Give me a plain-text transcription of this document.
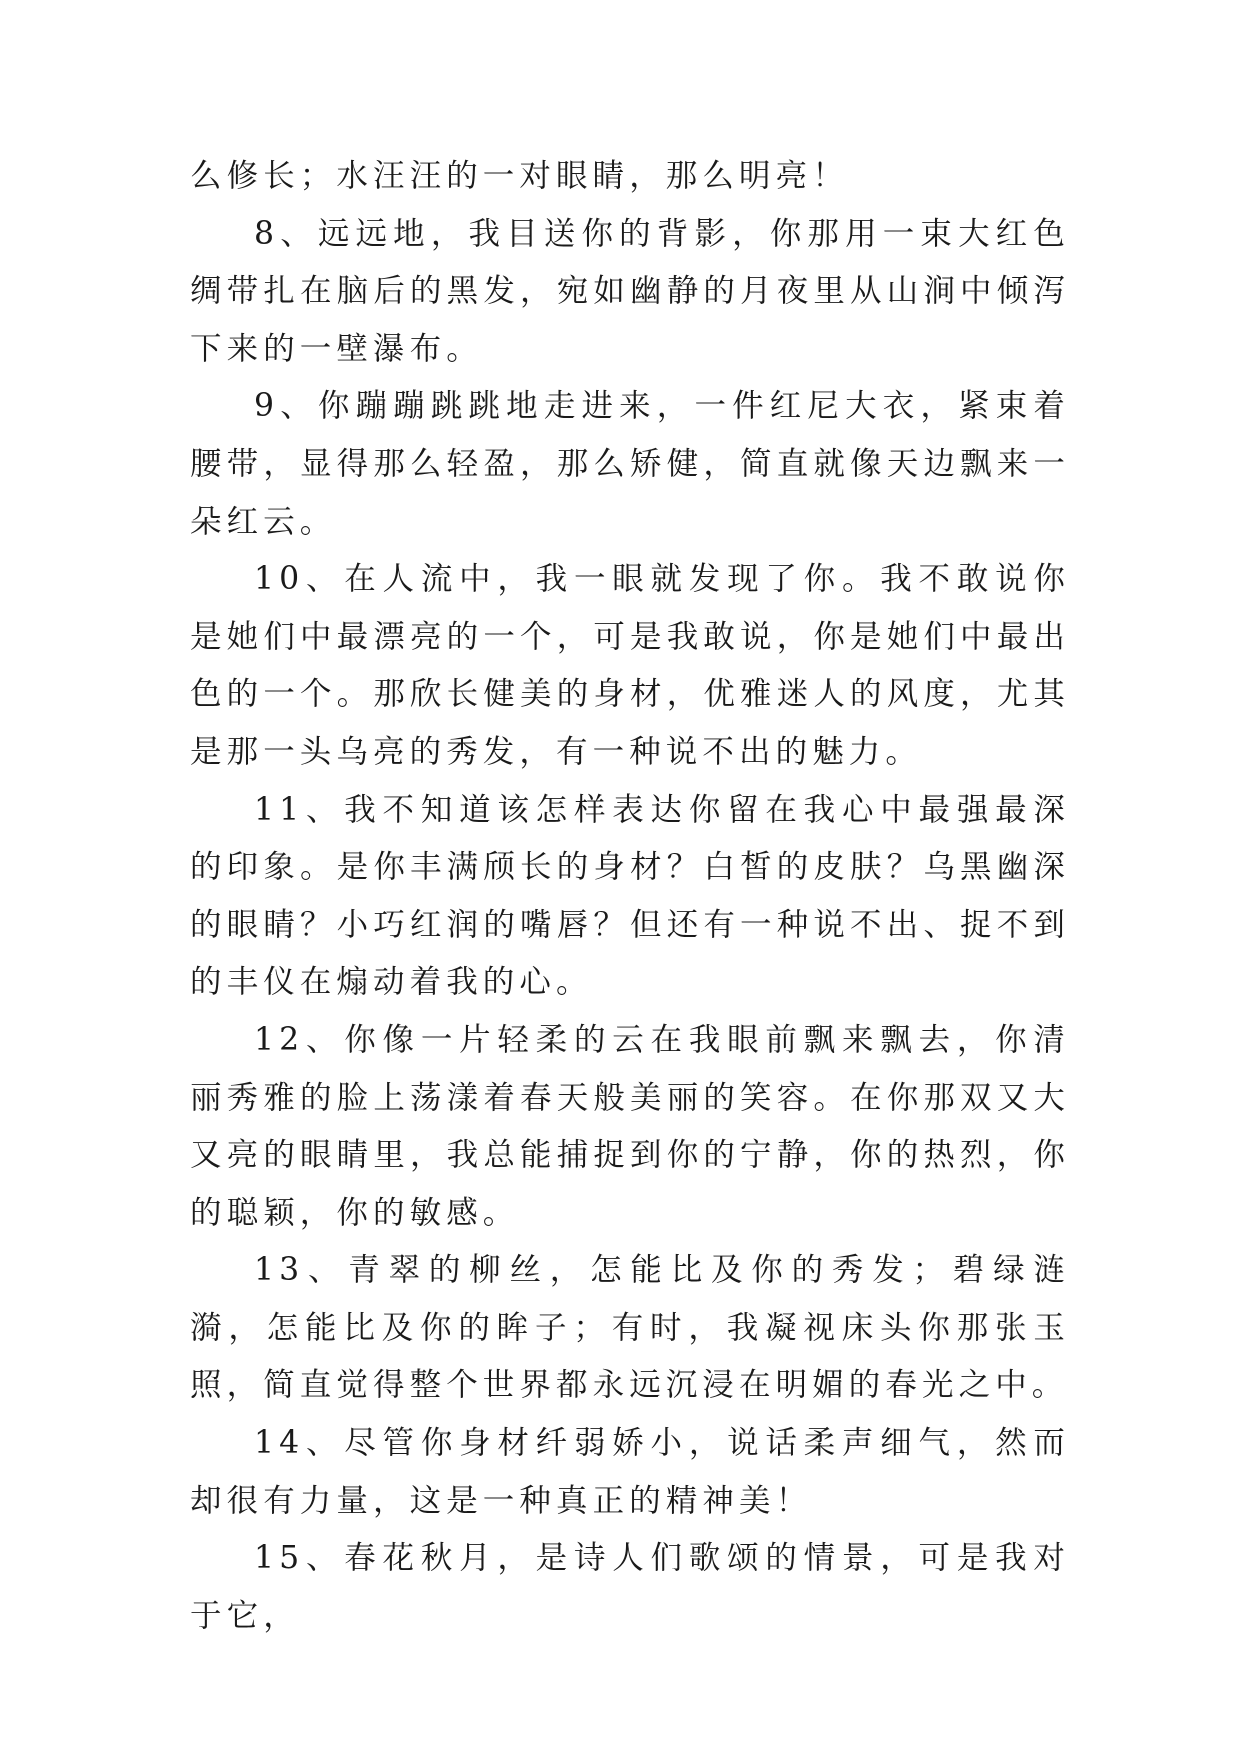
么修长；水汪汪的一对眼睛，那么明亮！

8、远远地，我目送你的背影，你那用一束大红色绸带扎在脑后的黑发，宛如幽静的月夜里从山涧中倾泻下来的一壁瀑布。

9、你蹦蹦跳跳地走进来，一件红尼大衣，紧束着腰带，显得那么轻盈，那么矫健，简直就像天边飘来一朵红云。

10、在人流中，我一眼就发现了你。我不敢说你是她们中最漂亮的一个，可是我敢说，你是她们中最出色的一个。那欣长健美的身材，优雅迷人的风度，尤其是那一头乌亮的秀发，有一种说不出的魅力。

11、我不知道该怎样表达你留在我心中最强最深的印象。是你丰满颀长的身材？白皙的皮肤？乌黑幽深的眼睛？小巧红润的嘴唇？但还有一种说不出、捉不到的丰仪在煽动着我的心。

12、你像一片轻柔的云在我眼前飘来飘去，你清丽秀雅的脸上荡漾着春天般美丽的笑容。在你那双又大又亮的眼睛里，我总能捕捉到你的宁静，你的热烈，你的聪颖，你的敏感。

13、青翠的柳丝，怎能比及你的秀发；碧绿涟漪，怎能比及你的眸子；有时，我凝视床头你那张玉照，简直觉得整个世界都永远沉浸在明媚的春光之中。

14、尽管你身材纤弱娇小，说话柔声细气，然而却很有力量，这是一种真正的精神美！

15、春花秋月，是诗人们歌颂的情景，可是我对于它，
